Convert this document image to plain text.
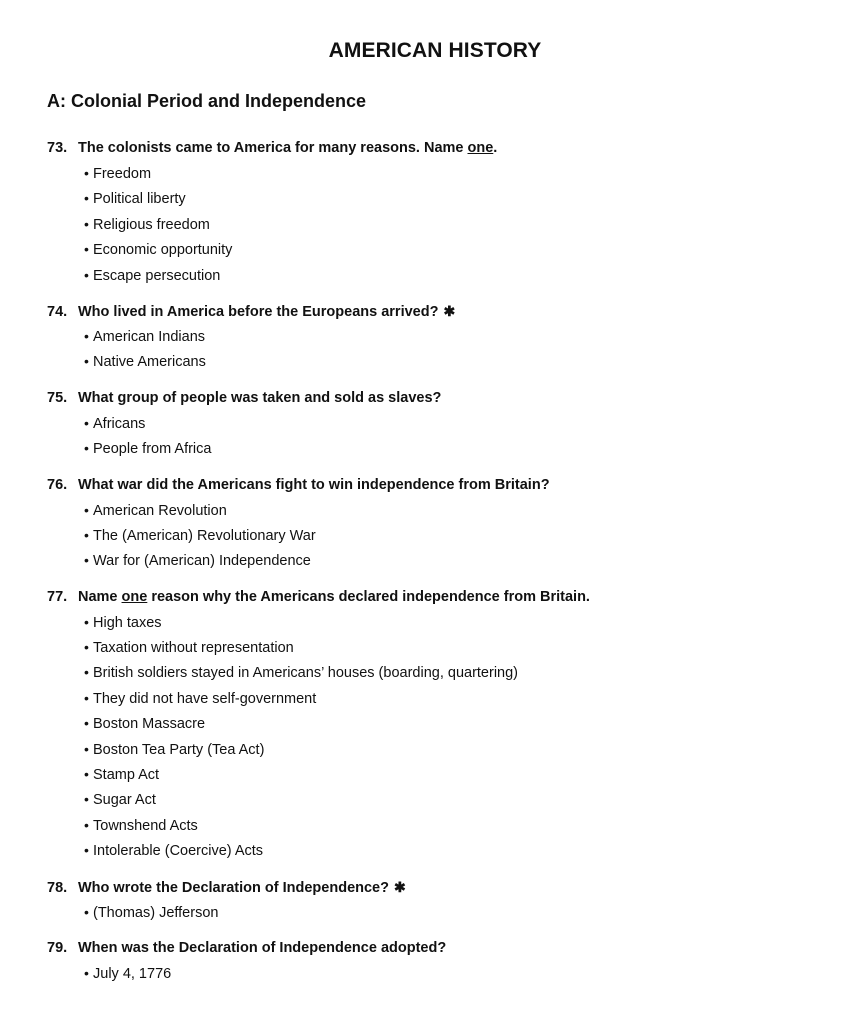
AMERICAN HISTORY
A: Colonial Period and Independence
73. The colonists came to America for many reasons. Name one.
• Freedom
• Political liberty
• Religious freedom
• Economic opportunity
• Escape persecution
74. Who lived in America before the Europeans arrived? ✱
• American Indians
• Native Americans
75. What group of people was taken and sold as slaves?
• Africans
• People from Africa
76. What war did the Americans fight to win independence from Britain?
• American Revolution
• The (American) Revolutionary War
• War for (American) Independence
77. Name one reason why the Americans declared independence from Britain.
• High taxes
• Taxation without representation
• British soldiers stayed in Americans’ houses (boarding, quartering)
• They did not have self-government
• Boston Massacre
• Boston Tea Party (Tea Act)
• Stamp Act
• Sugar Act
• Townshend Acts
• Intolerable (Coercive) Acts
78. Who wrote the Declaration of Independence? ✱
• (Thomas) Jefferson
79. When was the Declaration of Independence adopted?
• July 4, 1776
